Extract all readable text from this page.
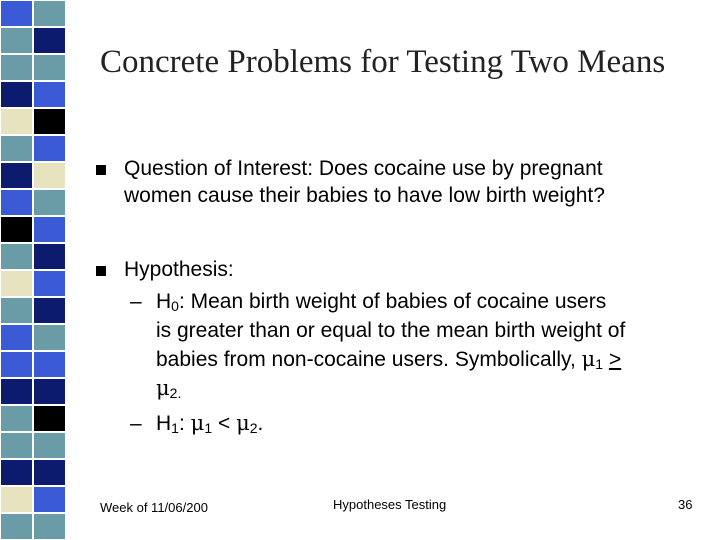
Concrete Problems for Testing Two Means
Question of Interest: Does cocaine use by pregnant
women cause their babies to have low birth weight?
Hypothesis:
– $H_0$: Mean birth weight of babies of cocaine users
is greater than or equal to the mean birth weight of
babies from non-cocaine users. Symbolically, $\mu_1$ >
$\mu_{2.}$
– $H_1$: $\mu_1 < \mu_2$.
Week of 11/06/200	Hypotheses Testing	36
